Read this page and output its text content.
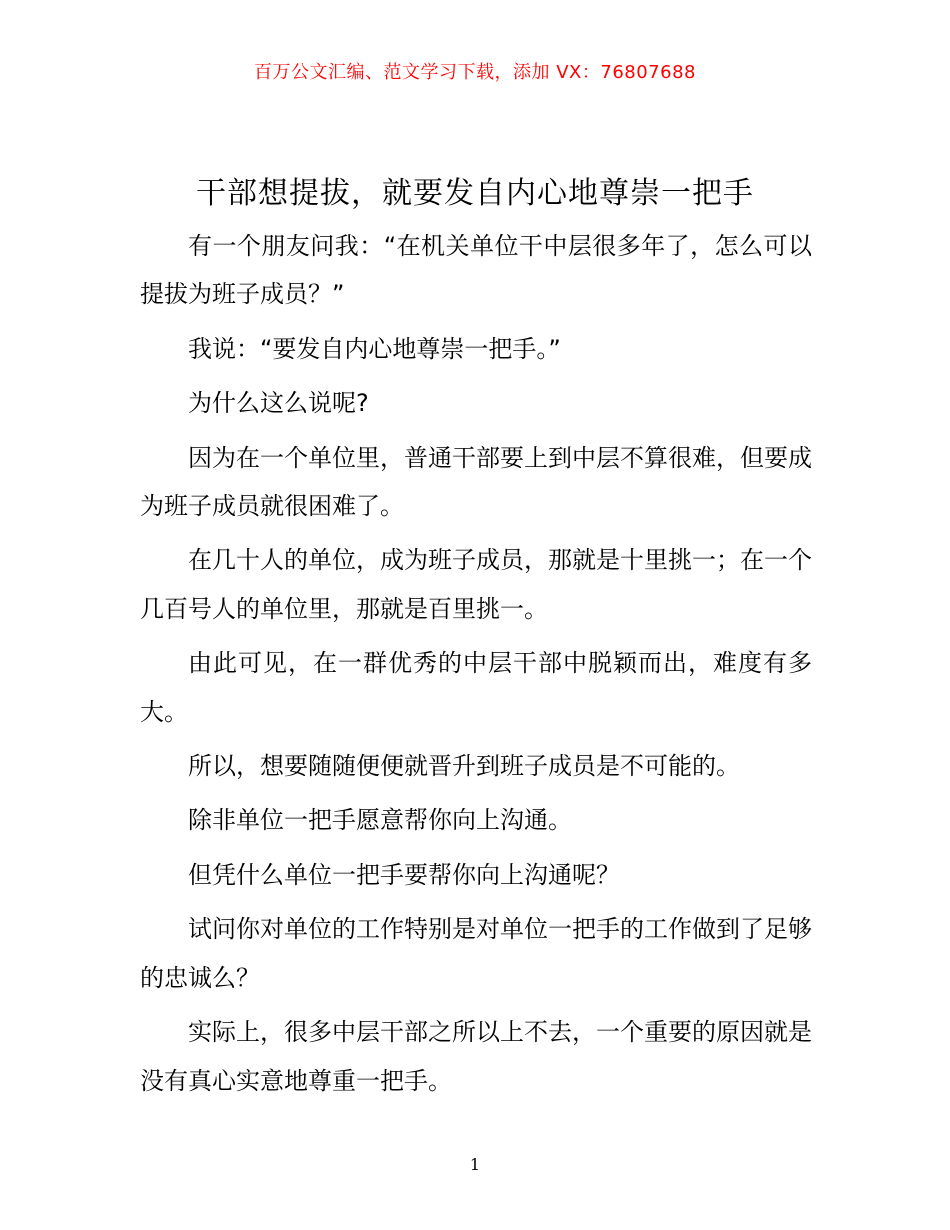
百万公文汇编、范文学习下载，添加 VX：76807688
干部想提拔，就要发自内心地尊崇一把手

有一个朋友问我：“在机关单位干中层很多年了，怎么可以提拔为班子成员？”

我说：“要发自内心地尊崇一把手。”

为什么这么说呢?

因为在一个单位里，普通干部要上到中层不算很难，但要成为班子成员就很困难了。

在几十人的单位，成为班子成员，那就是十里挑一；在一个几百号人的单位里，那就是百里挑一。

由此可见，在一群优秀的中层干部中脱颖而出，难度有多大。

所以，想要随随便便就晋升到班子成员是不可能的。

除非单位一把手愿意帮你向上沟通。

但凭什么单位一把手要帮你向上沟通呢？

试问你对单位的工作特别是对单位一把手的工作做到了足够的忠诚么？

实际上，很多中层干部之所以上不去，一个重要的原因就是没有真心实意地尊重一把手。

1
